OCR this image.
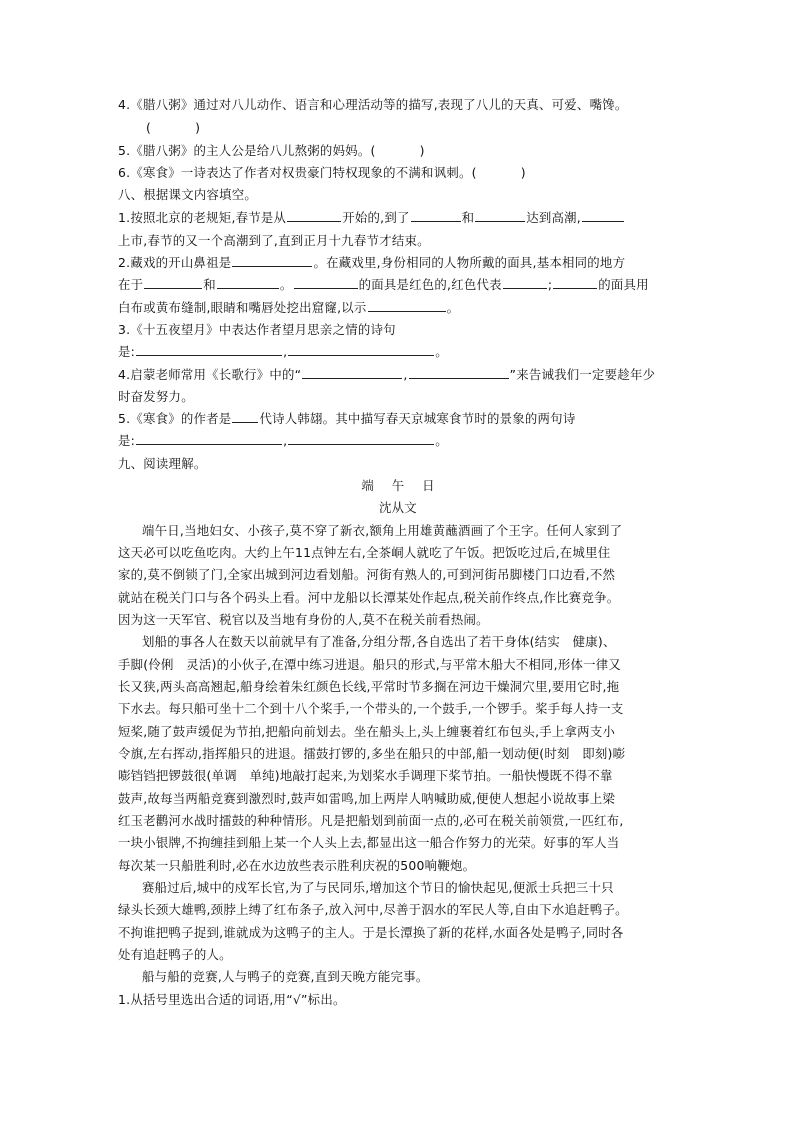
4.《腊八粥》通过对八儿动作、语言和心理活动等的描写,表现了八儿的天真、可爱、嘴馋。
(	)
5.《腊八粥》的主人公是给八儿熬粥的妈妈。(	)
6.《寒食》一诗表达了作者对权贵豪门特权现象的不满和讽刺。(	)
八、根据课文内容填空。
1.按照北京的老规矩,春节是从	开始的,到了	和	达到高潮,
上市,春节的又一个高潮到了,直到正月十九春节才结束。
2.藏戏的开山鼻祖是	。在藏戏里,身份相同的人物所戴的面具,基本相同的地方
在于	和	。	的面具是红色的,红色代表	;	的面具用
白布或黄布缝制,眼睛和嘴唇处挖出窟窿,以示	。
3.《十五夜望月》中表达作者望月思亲之情的诗句
是:	,	。
4.启蒙老师常用《长歌行》中的“	,	”来告诫我们一定要趁年少
时奋发努力。
5.《寒食》的作者是 代诗人韩翃。其中描写春天京城寒食节时的景象的两句诗
是:	,	。
九、阅读理解。
端午日
沈从文
端午日,当地妇女、小孩子,莫不穿了新衣,额角上用雄黄蘸酒画了个王字。任何人家到了
这天必可以吃鱼吃肉。大约上午11点钟左右,全茶峒人就吃了午饭。把饭吃过后,在城里住
家的,莫不倒锁了门,全家出城到河边看划船。河街有熟人的,可到河街吊脚楼门口边看,不然
就站在税关门口与各个码头上看。河中龙船以长潭某处作起点,税关前作终点,作比赛竞争。
因为这一天军官、税官以及当地有身份的人,莫不在税关前看热闹。
划船的事各人在数天以前就早有了准备,分组分帮,各自选出了若干身体(结实　健康)、
手脚(伶俐　灵活)的小伙子,在潭中练习进退。船只的形式,与平常木船大不相同,形体一律又
长又狭,两头高高翘起,船身绘着朱红颜色长线,平常时节多搁在河边干燥洞穴里,要用它时,拖
下水去。每只船可坐十二个到十八个桨手,一个带头的,一个鼓手,一个锣手。桨手每人持一支
短桨,随了鼓声缓促为节拍,把船向前划去。坐在船头上,头上缠裹着红布包头,手上拿两支小
令旗,左右挥动,指挥船只的进退。擂鼓打锣的,多坐在船只的中部,船一划动便(时刻　即刻)嘭
嘭铛铛把锣鼓很(单调　单纯)地敲打起来,为划桨水手调理下桨节拍。一船快慢既不得不靠
鼓声,故每当两船竞赛到激烈时,鼓声如雷鸣,加上两岸人呐喊助威,便使人想起小说故事上梁
红玉老鹳河水战时擂鼓的种种情形。凡是把船划到前面一点的,必可在税关前领赏,一匹红布,
一块小银牌,不拘缠挂到船上某一个人头上去,都显出这一船合作努力的光荣。好事的军人当
每次某一只船胜利时,必在水边放些表示胜利庆祝的500响鞭炮。
赛船过后,城中的戍军长官,为了与民同乐,增加这个节日的愉快起见,便派士兵把三十只
绿头长颈大雄鸭,颈脖上缚了红布条子,放入河中,尽善于泅水的军民人等,自由下水追赶鸭子。
不拘谁把鸭子捉到,谁就成为这鸭子的主人。于是长潭换了新的花样,水面各处是鸭子,同时各
处有追赶鸭子的人。
船与船的竞赛,人与鸭子的竞赛,直到天晚方能完事。
1.从括号里选出合适的词语,用“√”标出。
